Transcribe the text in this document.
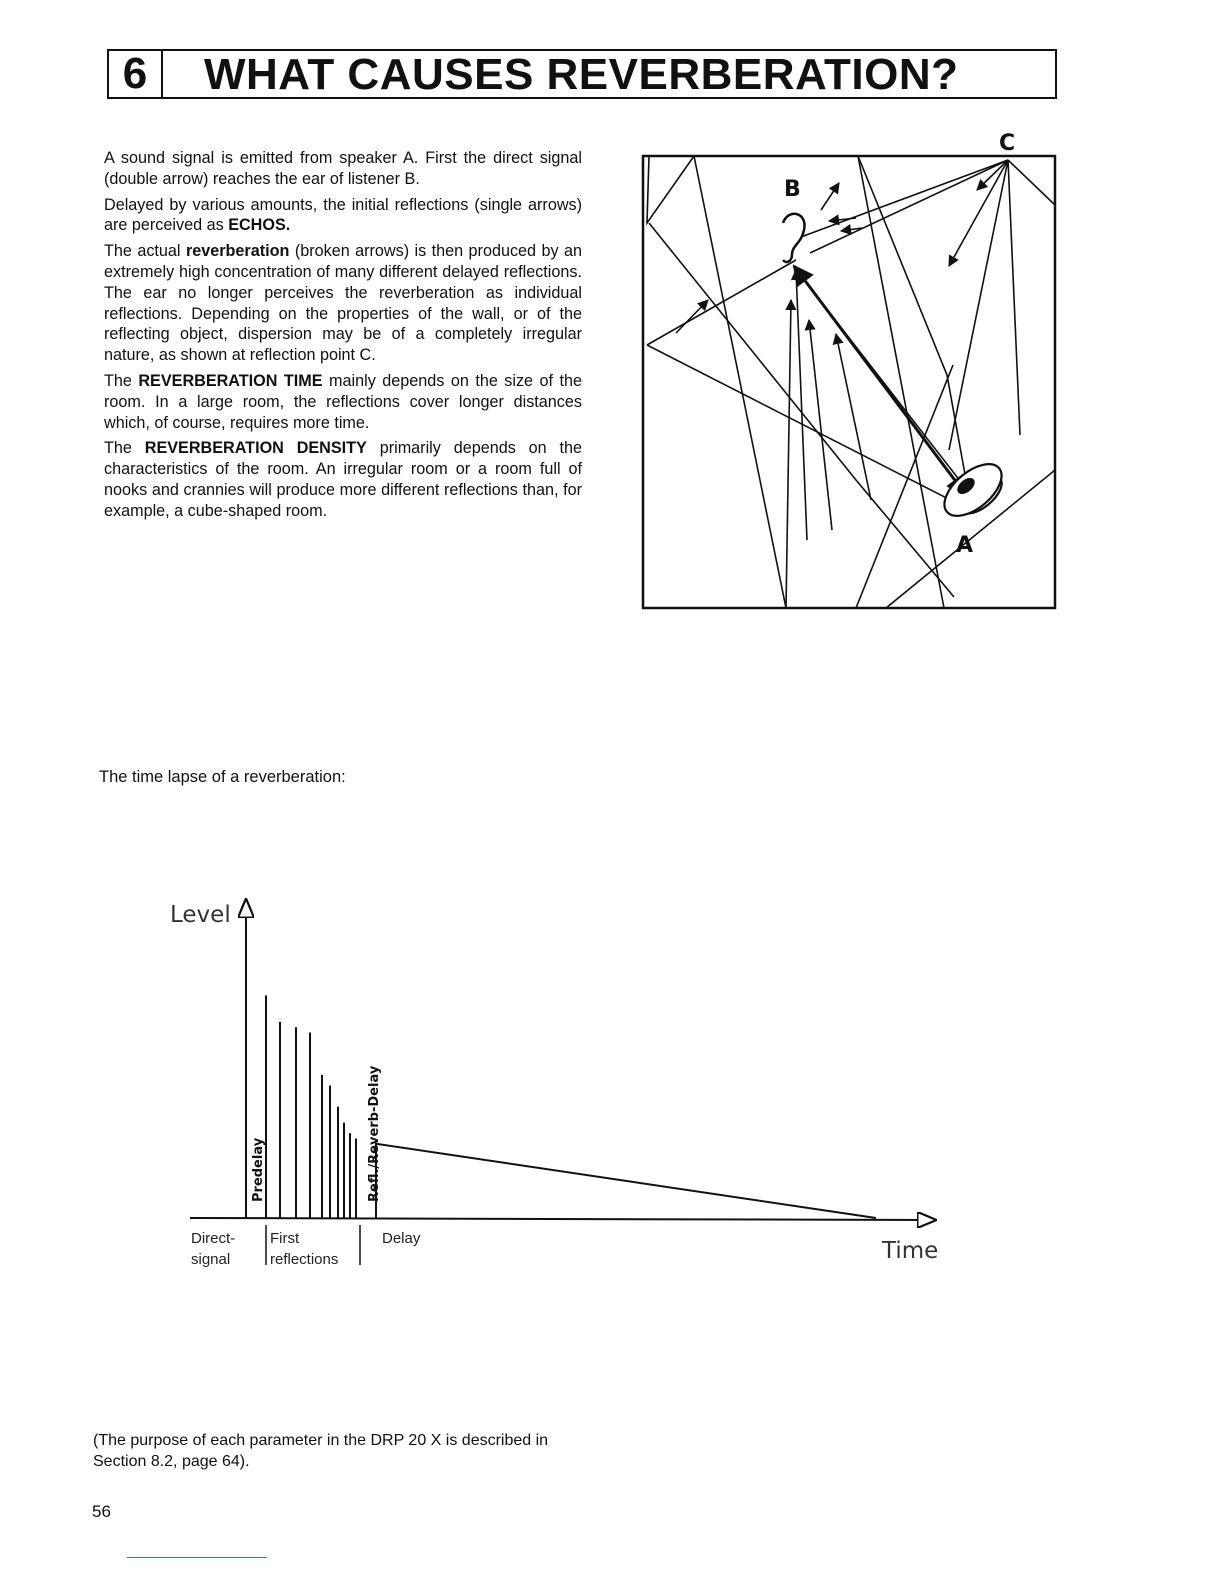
6	WHAT CAUSES REVERBERATION?

A sound signal is emitted from speaker A. First the direct signal (double arrow) reaches the ear of listener B.

Delayed by various amounts, the initial reflections (single arrows) are perceived as ECHOS.

The actual reverberation (broken arrows) is then produced by an extremely high concentration of many different delayed reflections. The ear no longer perceives the reverberation as individual reflections. Depending on the properties of the wall, or of the reflecting object, dispersion may be of a completely irregular nature, as shown at reflection point C.

The REVERBERATION TIME mainly depends on the size of the room. In a large room, the reflections cover longer distances which, of course, requires more time.

The REVERBERATION DENSITY primarily depends on the characteristics of the room. An irregular room or a room full of nooks and crannies will produce more different reflections than, for example, a cube-shaped room.

A
B
C
The time lapse of a reverberation:
Level
Time
Predelay	Refl./Reverb-Delay
Direct-
signal
First
reflections
Delay
(The purpose of each parameter in the DRP 20 X is described in Section 8.2, page 64).
56
